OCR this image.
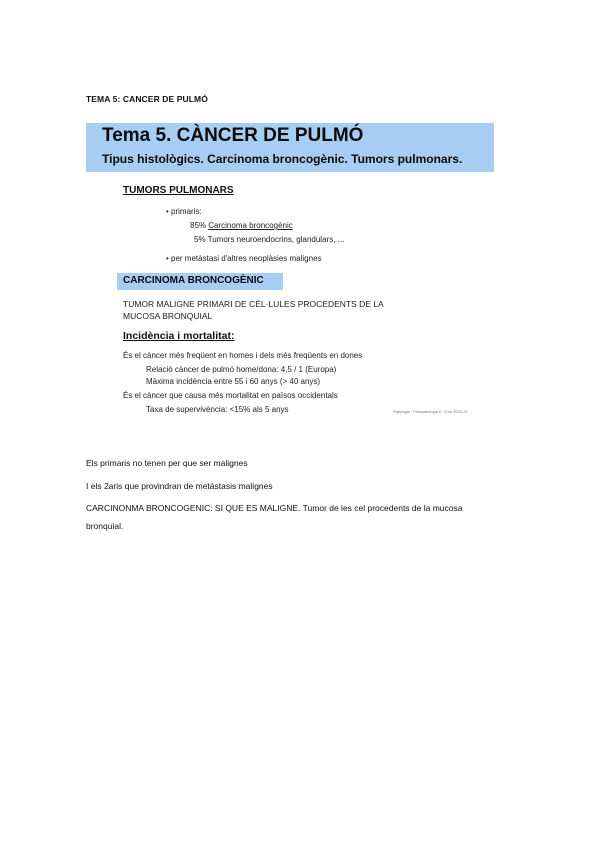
TEMA 5: CANCER DE PULMÓ
Tema 5. CÀNCER DE PULMÓ
Tipus histològics. Carcinoma broncogènic. Tumors pulmonars.
TUMORS PULMONARS
• primaris:
85% Carcinoma broncogènic
5% Tumors neuroendocrins, glandulars, ...
• per metàstasi d'altres neoplàsies malignes
CARCINOMA BRONCOGÈNIC
TUMOR MALIGNE PRIMARI DE CÈL·LULES PROCEDENTS DE LA
MUCOSA BRONQUIAL
Incidència i mortalitat:
És el càncer més freqüent en homes i dels més freqüents en dones
Relació càncer de pulmó home/dona: 4,5 / 1 (Europa)
Màxima incidència entre 55 i 60 anys (> 40 anys)
És el càncer que causa més mortalitat en països occidentals
Taxa de supervivència: <15% als 5 anys	Patologia · Fisiopatologia II. Curs 2020-21
Els primaris no tenen per que ser malignes
I els 2aris que provindran de metástasis malignes
CARCINONMA BRONCOGENIC: SI QUE ES MALIGNE. Tumor de les cel procedents de la mucosa
bronquial.
